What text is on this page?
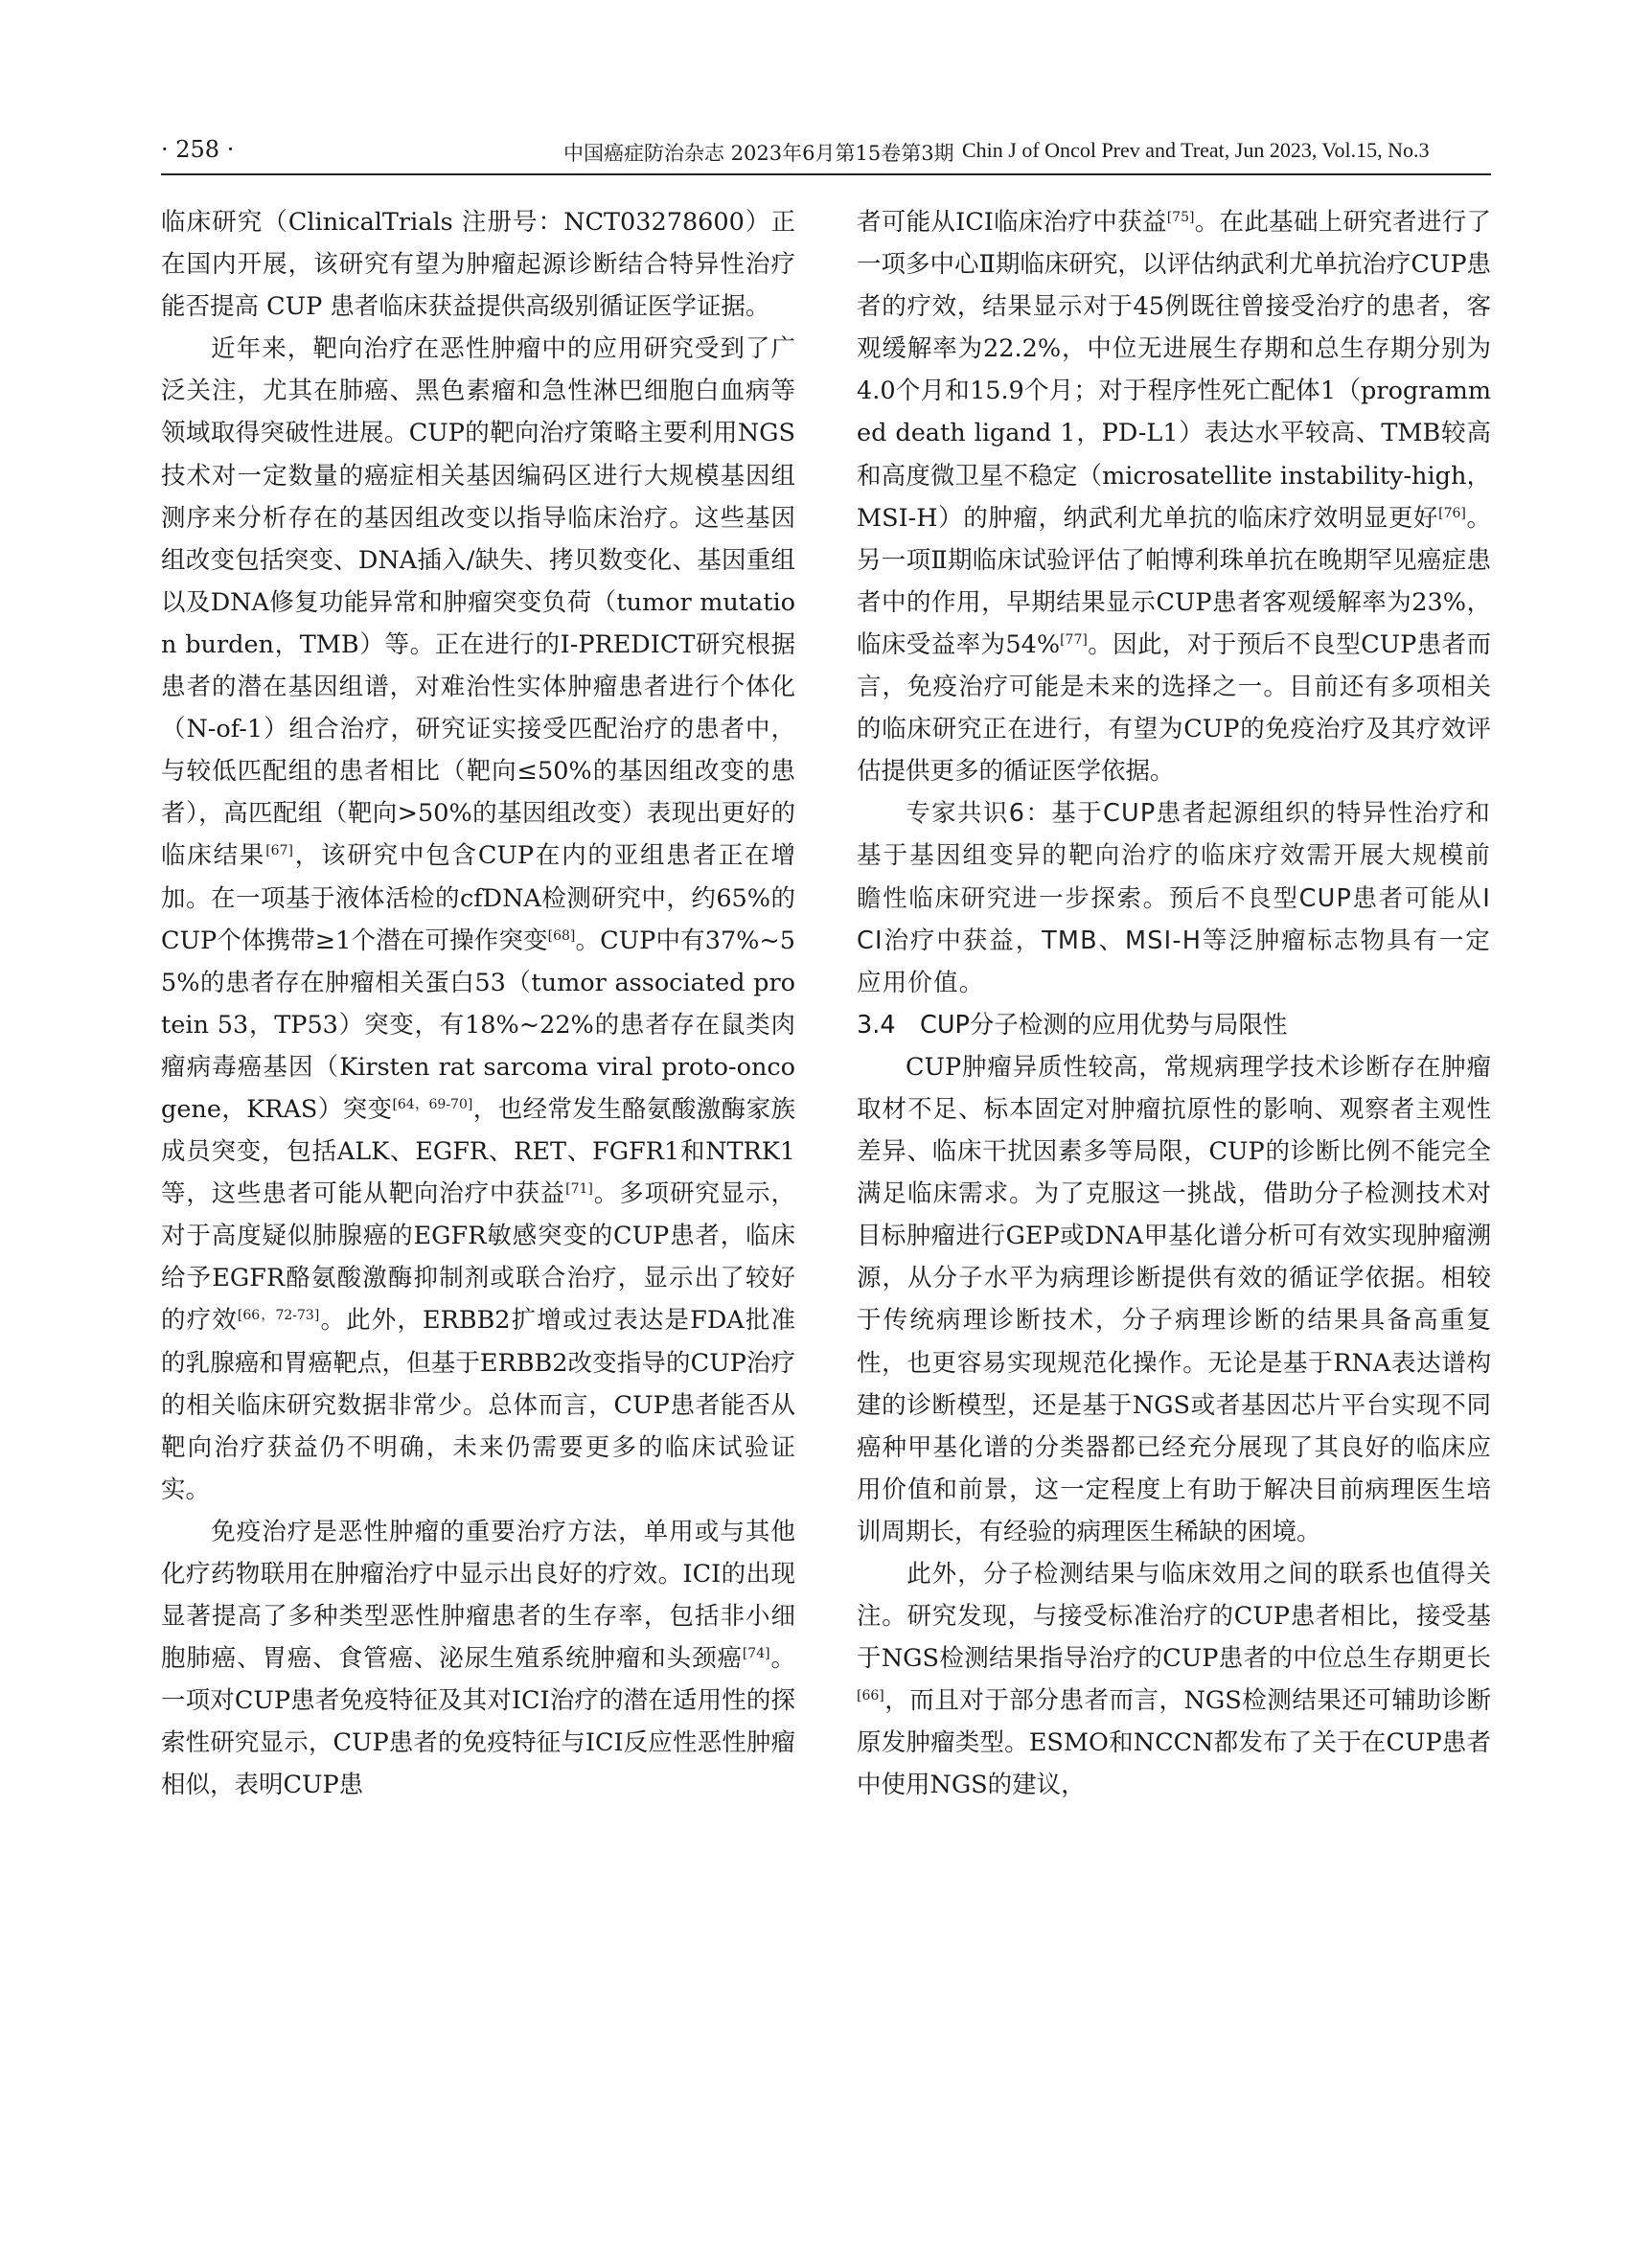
· 258 ·	中国癌症防治杂志 2023年6月第15卷第3期 Chin J of Oncol Prev and Treat, Jun 2023, Vol.15, No.3

临床研究（ClinicalTrials 注册号：NCT03278600）正在国内开展，该研究有望为肿瘤起源诊断结合特异性治疗能否提高 CUP 患者临床获益提供高级别循证医学证据。

近年来，靶向治疗在恶性肿瘤中的应用研究受到了广泛关注，尤其在肺癌、黑色素瘤和急性淋巴细胞白血病等领域取得突破性进展。CUP的靶向治疗策略主要利用NGS技术对一定数量的癌症相关基因编码区进行大规模基因组测序来分析存在的基因组改变以指导临床治疗。这些基因组改变包括突变、DNA插入/缺失、拷贝数变化、基因重组以及DNA修复功能异常和肿瘤突变负荷（tumor mutation burden，TMB）等。正在进行的I-PREDICT研究根据患者的潜在基因组谱，对难治性实体肿瘤患者进行个体化（N-of-1）组合治疗，研究证实接受匹配治疗的患者中，与较低匹配组的患者相比（靶向≤50%的基因组改变的患者），高匹配组（靶向>50%的基因组改变）表现出更好的临床结果[67]，该研究中包含CUP在内的亚组患者正在增加。在一项基于液体活检的cfDNA检测研究中，约65%的CUP个体携带≥1个潜在可操作突变[68]。CUP中有37%~55%的患者存在肿瘤相关蛋白53（tumor associated protein 53，TP53）突变，有18%~22%的患者存在鼠类肉瘤病毒癌基因（Kirsten rat sarcoma viral proto-oncogene，KRAS）突变[64，69-70]，也经常发生酪氨酸激酶家族成员突变，包括ALK、EGFR、RET、FGFR1和NTRK1等，这些患者可能从靶向治疗中获益[71]。多项研究显示，对于高度疑似肺腺癌的EGFR敏感突变的CUP患者，临床给予EGFR酪氨酸激酶抑制剂或联合治疗，显示出了较好的疗效[66，72-73]。此外，ERBB2扩增或过表达是FDA批准的乳腺癌和胃癌靶点，但基于ERBB2改变指导的CUP治疗的相关临床研究数据非常少。总体而言，CUP患者能否从靶向治疗获益仍不明确，未来仍需要更多的临床试验证实。

免疫治疗是恶性肿瘤的重要治疗方法，单用或与其他化疗药物联用在肿瘤治疗中显示出良好的疗效。ICI的出现显著提高了多种类型恶性肿瘤患者的生存率，包括非小细胞肺癌、胃癌、食管癌、泌尿生殖系统肿瘤和头颈癌[74]。一项对CUP患者免疫特征及其对ICI治疗的潜在适用性的探索性研究显示，CUP患者的免疫特征与ICI反应性恶性肿瘤相似，表明CUP患

者可能从ICI临床治疗中获益[75]。在此基础上研究者进行了一项多中心Ⅱ期临床研究，以评估纳武利尤单抗治疗CUP患者的疗效，结果显示对于45例既往曾接受治疗的患者，客观缓解率为22.2%，中位无进展生存期和总生存期分别为4.0个月和15.9个月；对于程序性死亡配体1（programmed death ligand 1，PD-L1）表达水平较高、TMB较高和高度微卫星不稳定（microsatellite instability-high，MSI-H）的肿瘤，纳武利尤单抗的临床疗效明显更好[76]。另一项Ⅱ期临床试验评估了帕博利珠单抗在晚期罕见癌症患者中的作用，早期结果显示CUP患者客观缓解率为23%，临床受益率为54%[77]。因此，对于预后不良型CUP患者而言，免疫治疗可能是未来的选择之一。目前还有多项相关的临床研究正在进行，有望为CUP的免疫治疗及其疗效评估提供更多的循证医学依据。

专家共识6：基于CUP患者起源组织的特异性治疗和基于基因组变异的靶向治疗的临床疗效需开展大规模前瞻性临床研究进一步探索。预后不良型CUP患者可能从ICI治疗中获益，TMB、MSI-H等泛肿瘤标志物具有一定应用价值。

3.4　CUP分子检测的应用优势与局限性

CUP肿瘤异质性较高，常规病理学技术诊断存在肿瘤取材不足、标本固定对肿瘤抗原性的影响、观察者主观性差异、临床干扰因素多等局限，CUP的诊断比例不能完全满足临床需求。为了克服这一挑战，借助分子检测技术对目标肿瘤进行GEP或DNA甲基化谱分析可有效实现肿瘤溯源，从分子水平为病理诊断提供有效的循证学依据。相较于传统病理诊断技术，分子病理诊断的结果具备高重复性，也更容易实现规范化操作。无论是基于RNA表达谱构建的诊断模型，还是基于NGS或者基因芯片平台实现不同癌种甲基化谱的分类器都已经充分展现了其良好的临床应用价值和前景，这一定程度上有助于解决目前病理医生培训周期长，有经验的病理医生稀缺的困境。

此外，分子检测结果与临床效用之间的联系也值得关注。研究发现，与接受标准治疗的CUP患者相比，接受基于NGS检测结果指导治疗的CUP患者的中位总生存期更长[66]，而且对于部分患者而言，NGS检测结果还可辅助诊断原发肿瘤类型。ESMO和NCCN都发布了关于在CUP患者中使用NGS的建议，
